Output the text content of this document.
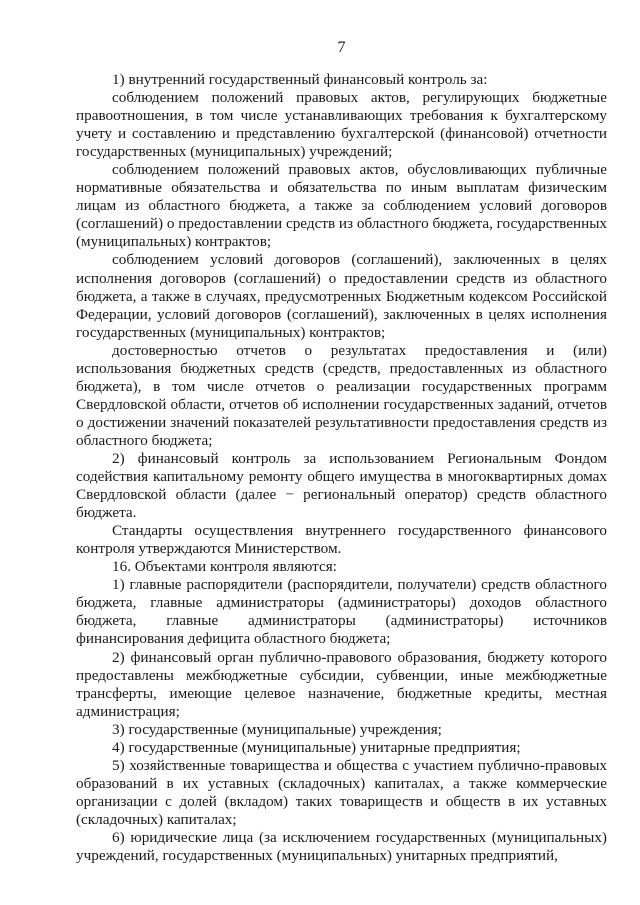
7

1) внутренний государственный финансовый контроль за:

соблюдением положений правовых актов, регулирующих бюджетные правоотношения, в том числе устанавливающих требования к бухгалтерскому учету и составлению и представлению бухгалтерской (финансовой) отчетности государственных (муниципальных) учреждений;

соблюдением положений правовых актов, обусловливающих публичные нормативные обязательства и обязательства по иным выплатам физическим лицам из областного бюджета, а также за соблюдением условий договоров (соглашений) о предоставлении средств из областного бюджета, государственных (муниципальных) контрактов;

соблюдением условий договоров (соглашений), заключенных в целях исполнения договоров (соглашений) о предоставлении средств из областного бюджета, а также в случаях, предусмотренных Бюджетным кодексом Российской Федерации, условий договоров (соглашений), заключенных в целях исполнения государственных (муниципальных) контрактов;

достоверностью отчетов о результатах предоставления и (или) использования бюджетных средств (средств, предоставленных из областного бюджета), в том числе отчетов о реализации государственных программ Свердловской области, отчетов об исполнении государственных заданий, отчетов о достижении значений показателей результативности предоставления средств из областного бюджета;

2) финансовый контроль за использованием Региональным Фондом содействия капитальному ремонту общего имущества в многоквартирных домах Свердловской области (далее − региональный оператор) средств областного бюджета.

Стандарты осуществления внутреннего государственного финансового контроля утверждаются Министерством.

16. Объектами контроля являются:

1) главные распорядители (распорядители, получатели) средств областного бюджета, главные администраторы (администраторы) доходов областного бюджета, главные администраторы (администраторы) источников финансирования дефицита областного бюджета;

2) финансовый орган публично-правового образования, бюджету которого предоставлены межбюджетные субсидии, субвенции, иные межбюджетные трансферты, имеющие целевое назначение, бюджетные кредиты, местная администрация;

3) государственные (муниципальные) учреждения;

4) государственные (муниципальные) унитарные предприятия;

5) хозяйственные товарищества и общества с участием публично-правовых образований в их уставных (складочных) капиталах, а также коммерческие организации с долей (вкладом) таких товариществ и обществ в их уставных (складочных) капиталах;

6) юридические лица (за исключением государственных (муниципальных) учреждений, государственных (муниципальных) унитарных предприятий,
